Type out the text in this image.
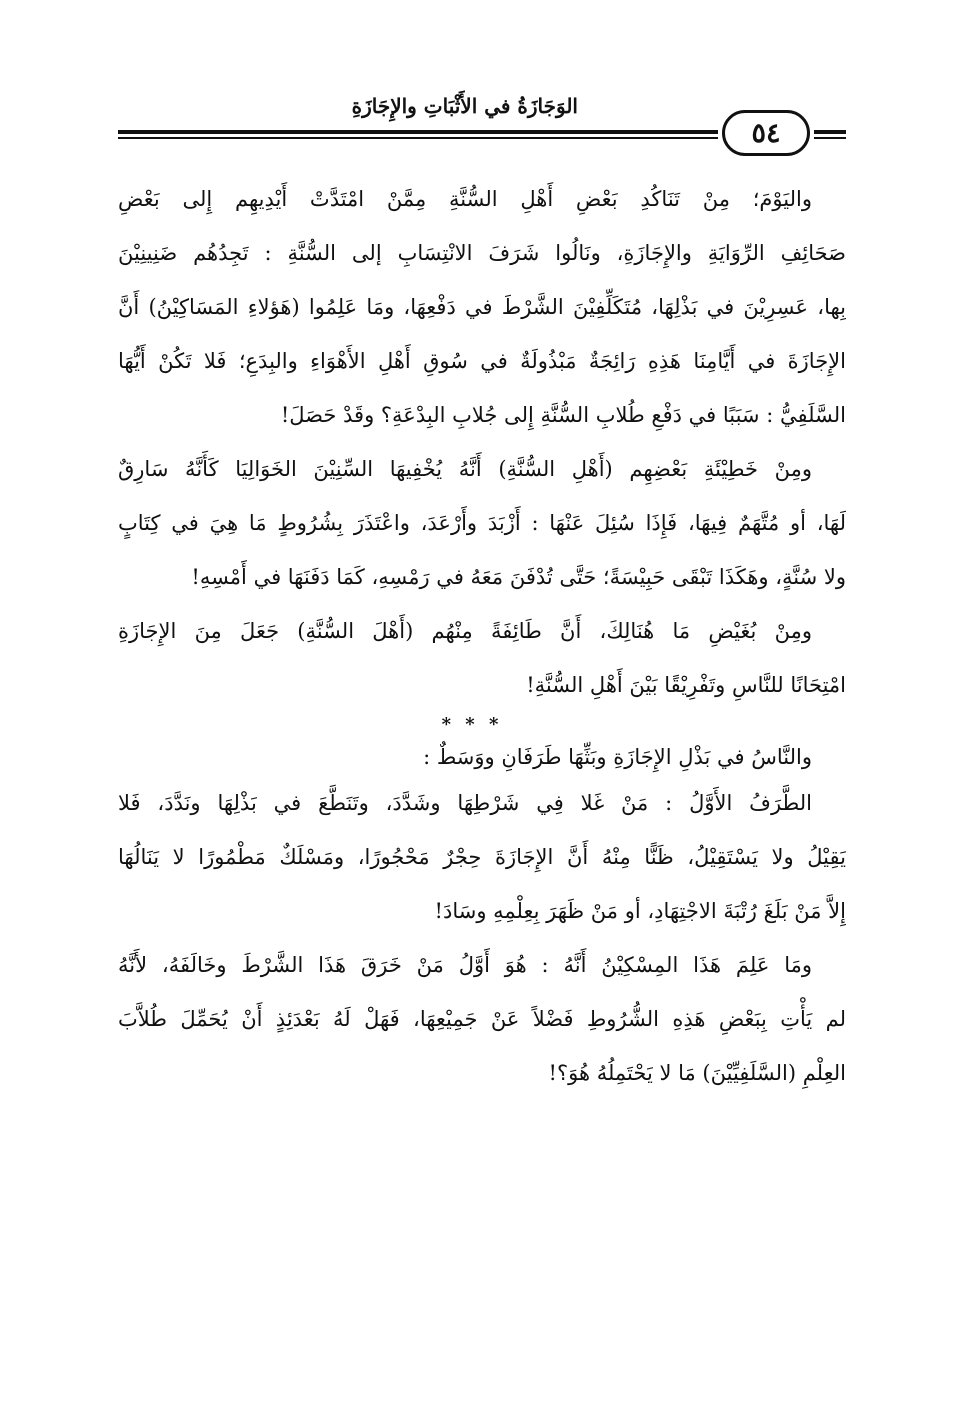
الوَجَازَةُ في الأَثْبَاتِ والإِجَازَةِ
٥٤
واليَوْمَ؛ مِنْ تَنَاكُدِ بَعْضِ أَهْلِ السُّنَّةِ مِمَّنْ امْتَدَّتْ أَيْدِيهِم إِلى بَعْضِ
صَحَائِفِ الرِّوَايَةِ والإِجَازَةِ، ونَالُوا شَرَفَ الانْتِسَابِ إلى السُّنَّةِ : تَجِدُهُم ضَنِينِيْنَ
بِها، عَسِرِيْنَ في بَذْلِهَا، مُتَكَلِّفِيْنَ الشَّرْطَ في دَفْعِهَا، ومَا عَلِمُوا (هَؤلاءِ المَسَاكِيْنُ) أَنَّ
الإِجَازَةَ في أَيَّامِنَا هَذِهِ رَائِجَةٌ مَبْذُولَةٌ في سُوقِ أَهْلِ الأَهْوَاءِ والبِدَعِ؛ فَلا تَكُنْ أَيُّهَا
السَّلَفِيُّ : سَبَبًا في دَفْعِ طُلابِ السُّنَّةِ إِلى جُلابِ البِدْعَةِ؟ وقَدْ حَصَلَ!
ومِنْ خَطِيْئَةِ بَعْضِهِم (أَهْلِ السُّنَّةِ) أَنَّهُ يُخْفِيهَا السِّنِيْنَ الخَوَالِيَا كَأَنَّهُ سَارِقٌ
لَهَا، أو مُتَّهَمٌ فِيهَا، فَإِذَا سُئِلَ عَنْهَا : أَزْبَدَ وأَرْعَدَ، واعْتَذَرَ بِشُرُوطٍ مَا هِيَ في كِتَابٍ
ولا سُنَّةٍ، وهَكَذَا تَبْقَى حَبِيْسَةً؛ حَتَّى تُدْفَنَ مَعَهُ في رَمْسِهِ، كَمَا دَفَنَهَا في أَمْسِهِ!
ومِنْ بُغَيْضِ مَا هُنَالِكَ، أَنَّ طَائِفَةً مِنْهُم (أَهْلَ السُّنَّةِ) جَعَلَ مِنَ الإِجَازَةِ
امْتِحَانًا للنَّاسِ وتَفْرِيْقًا بَيْنَ أَهْلِ السُّنَّةِ!
* * *
والنَّاسُ في بَذْلِ الإِجَازَةِ وبَثِّهَا طَرَفَانِ ووَسَطٌ :
الطَّرَفُ الأَوَّلُ : مَنْ غَلا فِي شَرْطِهَا وشَدَّدَ، وتَنَطَّعَ في بَذْلِهَا ونَدَّدَ، فَلا
يَقِيْلُ ولا يَسْتَقِيْلُ، ظَنًّا مِنْهُ أَنَّ الإِجَازَةَ حِجْرٌ مَحْجُورًا، ومَسْلَكٌ مَطْمُورًا لا يَنَالُهَا
إِلاَّ مَنْ بَلَغَ رُتْبَةَ الاجْتِهَادِ، أو مَنْ ظَهَرَ بِعِلْمِهِ وسَادَ!
ومَا عَلِمَ هَذَا المِسْكِيْنُ أَنَّهُ : هُوَ أَوَّلُ مَنْ خَرَقَ هَذَا الشَّرْطَ وخَالَفَهُ، لأَنَّهُ
لم يَأْتِ بِبَعْضِ هَذِهِ الشُّرُوطِ فَضْلاً عَنْ جَمِيْعِهَا، فَهَلْ لَهُ بَعْدَئِذٍ أَنْ يُحَمِّلَ طُلاَّبَ
العِلْمِ (السَّلَفِيِّيْنَ) مَا لا يَحْتَمِلُهُ هُوَ؟!
